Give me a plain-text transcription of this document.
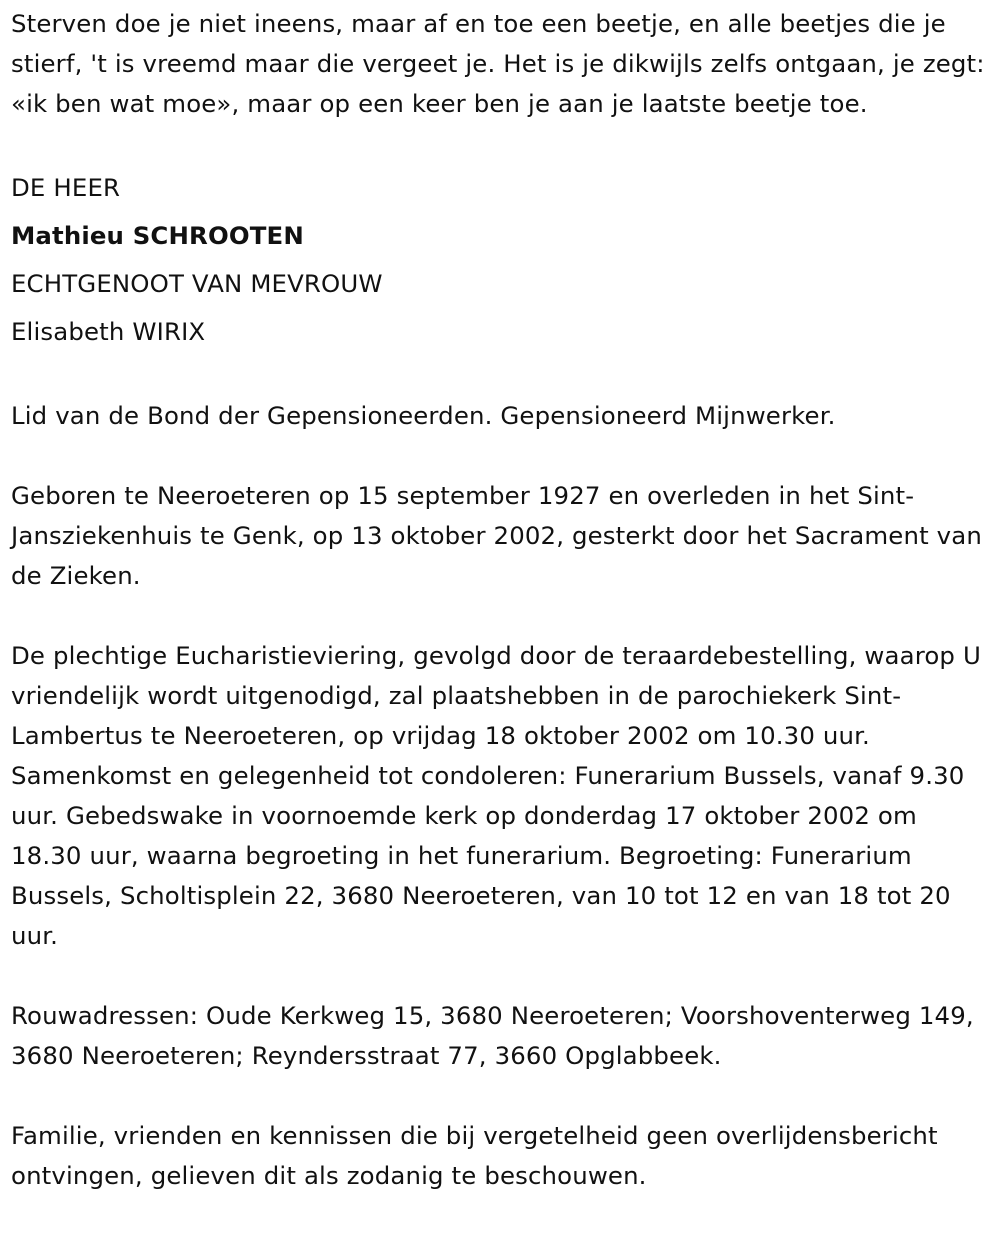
Sterven doe je niet ineens, maar af en toe een beetje, en alle beetjes die je stierf, 't is vreemd maar die vergeet je. Het is je dikwijls zelfs ontgaan, je zegt: «ik ben wat moe», maar op een keer ben je aan je laatste beetje toe.

DE HEER

Mathieu SCHROOTEN

ECHTGENOOT VAN MEVROUW

Elisabeth WIRIX

Lid van de Bond der Gepensioneerden. Gepensioneerd Mijnwerker.

Geboren te Neeroeteren op 15 september 1927 en overleden in het Sint-Jansziekenhuis te Genk, op 13 oktober 2002, gesterkt door het Sacrament van de Zieken.

De plechtige Eucharistieviering, gevolgd door de teraardebestelling, waarop U vriendelijk wordt uitgenodigd, zal plaatshebben in de parochiekerk Sint-Lambertus te Neeroeteren, op vrijdag 18 oktober 2002 om 10.30 uur. Samenkomst en gelegenheid tot condoleren: Funerarium Bussels, vanaf 9.30 uur. Gebedswake in voornoemde kerk op donderdag 17 oktober 2002 om 18.30 uur, waarna begroeting in het funerarium. Begroeting: Funerarium Bussels, Scholtisplein 22, 3680 Neeroeteren, van 10 tot 12 en van 18 tot 20 uur.

Rouwadressen: Oude Kerkweg 15, 3680 Neeroeteren; Voorshoventerweg 149, 3680 Neeroeteren; Reyndersstraat 77, 3660 Opglabbeek.

Familie, vrienden en kennissen die bij vergetelheid geen overlijdensbericht ontvingen, gelieven dit als zodanig te beschouwen.
